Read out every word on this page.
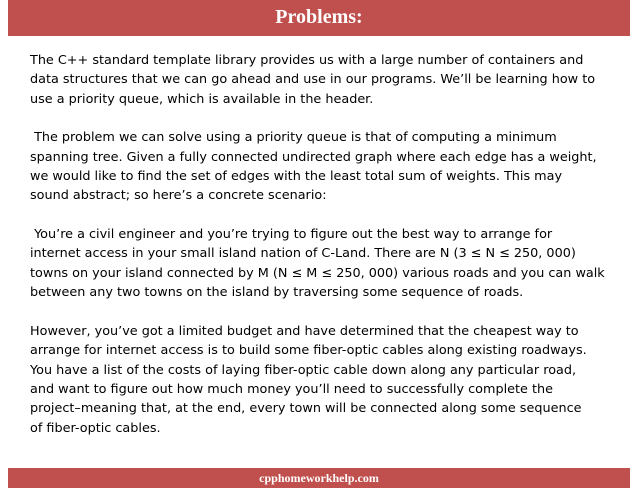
Problems:

The C++ standard template library provides us with a large number of containers and
data structures that we can go ahead and use in our programs. We’ll be learning how to
use a priority queue, which is available in the header.

The problem we can solve using a priority queue is that of computing a minimum
spanning tree. Given a fully connected undirected graph where each edge has a weight,
we would like to find the set of edges with the least total sum of weights. This may
sound abstract; so here’s a concrete scenario:

You’re a civil engineer and you’re trying to figure out the best way to arrange for
internet access in your small island nation of C-Land. There are N (3 ≤ N ≤ 250, 000)
towns on your island connected by M (N ≤ M ≤ 250, 000) various roads and you can walk
between any two towns on the island by traversing some sequence of roads.

However, you’ve got a limited budget and have determined that the cheapest way to
arrange for internet access is to build some fiber-optic cables along existing roadways.
You have a list of the costs of laying fiber-optic cable down along any particular road,
and want to figure out how much money you’ll need to successfully complete the
project–meaning that, at the end, every town will be connected along some sequence
of fiber-optic cables.

cpphomeworkhelp.com
